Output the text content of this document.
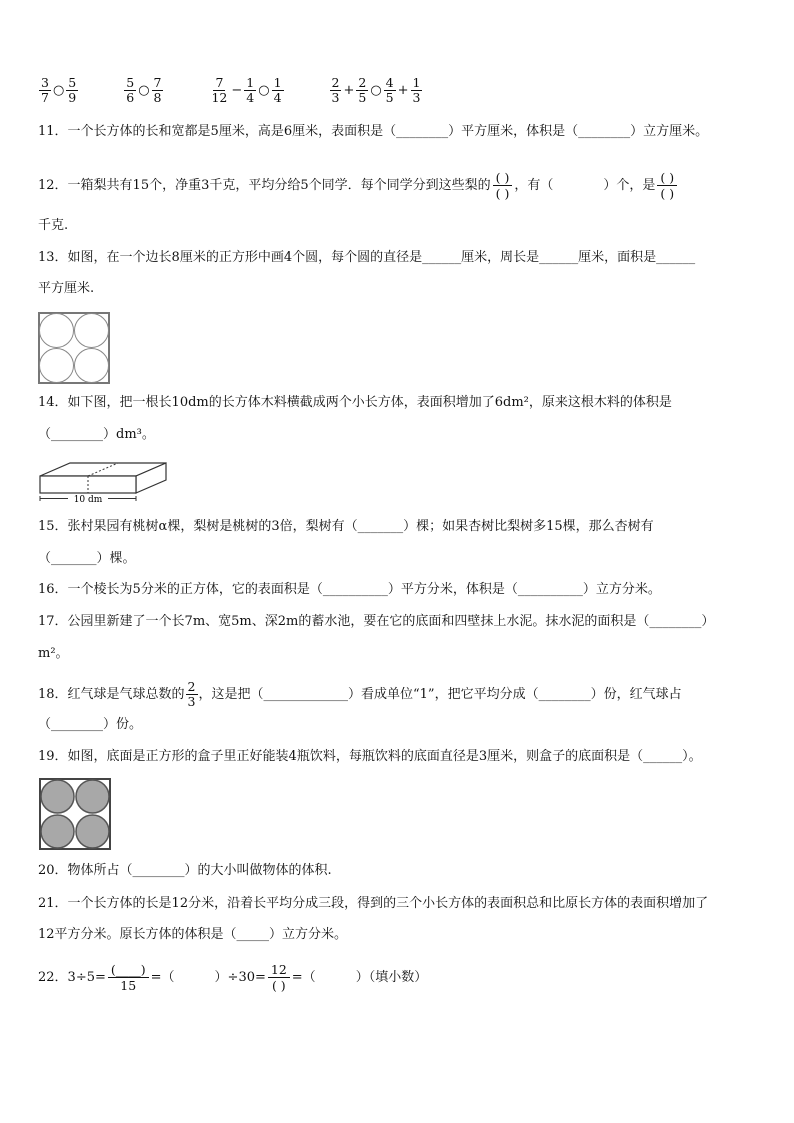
$\frac{3}{7}$ ○ $\frac{5}{9}$
	$\frac{5}{6}$ ○ $\frac{7}{8}$
	$\frac{7}{12} - \frac{1}{4}$ ○ $\frac{1}{4}$
	$\frac{2}{3} + \frac{2}{5}$ ○ $\frac{4}{5} + \frac{1}{3}$
11．一个长方体的长和宽都是5厘米，高是6厘米，表面积是（________）平方厘米，体积是（________）立方厘米。
12．一箱梨共有15个，净重3千克，平均分给5个同学．每个同学分到这些梨的 $\frac{( )}{( )}$ ，有（	）个，是 $\frac{( )}{( )}$
千克.
13．如图，在一个边长8厘米的正方形中画4个圆，每个圆的直径是______厘米，周长是______厘米，面积是______
平方厘米.
14．如下图，把一根长10dm的长方体木料横截成两个小长方体，表面积增加了6dm²，原来这根木料的体积是
（________）dm³。
10 dm
15．张村果园有桃树α棵，梨树是桃树的3倍，梨树有（_______）棵；如果杏树比梨树多15棵，那么杏树有
（_______）棵。
16．一个棱长为5分米的正方体，它的表面积是（__________）平方分米，体积是（__________）立方分米。
17．公园里新建了一个长7m、宽5m、深2m的蓄水池，要在它的底面和四壁抹上水泥。抹水泥的面积是（________）
m²。
18．红气球是气球总数的 $\frac{2}{3}$ ，这是把（_____________）看成单位“1”，把它平均分成（________）份，红气球占
（________）份。
19．如图，底面是正方形的盒子里正好能装4瓶饮料，每瓶饮料的底面直径是3厘米，则盒子的底面积是（______）。
20．物体所占（________）的大小叫做物体的体积.
21．一个长方体的长是12分米，沿着长平均分成三段，得到的三个小长方体的表面积总和比原长方体的表面积增加了
12平方分米。原长方体的体积是（_____）立方分米。
22．$3\div 5= \frac{(\_\_\_\_)}{15}$ =（	）$\div 30= \frac{12}{( )}$ =（	）（填小数）
